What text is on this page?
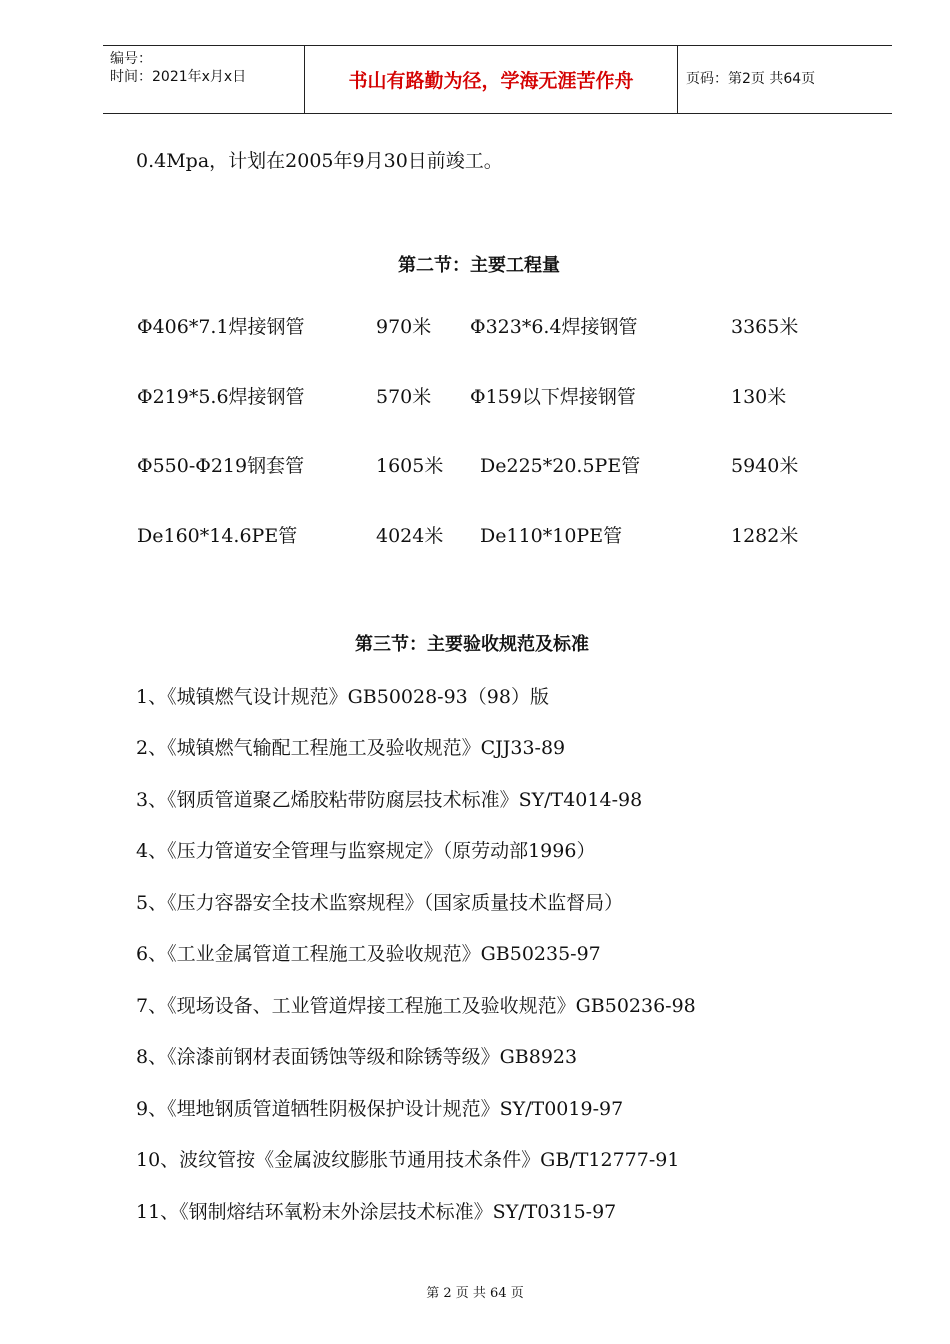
编号：
时间：2021年x月x日	书山有路勤为径，学海无涯苦作舟	页码：第2页 共64页
0.4Mpa，计划在2005年9月30日前竣工。
第二节：主要工程量
Φ406*7.1焊接钢管	970米 Φ323*6.4焊接钢管	3365米
Φ219*5.6焊接钢管	570米 Φ159以下焊接钢管	130米
Φ550-Φ219钢套管	1605米 De225*20.5PE管	5940米
De160*14.6PE管	4024米 De110*10PE管	1282米
第三节：主要验收规范及标准
1、《城镇燃气设计规范》GB50028-93（98）版
2、《城镇燃气输配工程施工及验收规范》CJJ33-89
3、《钢质管道聚乙烯胶粘带防腐层技术标准》SY/T4014-98
4、《压力管道安全管理与监察规定》（原劳动部1996）
5、《压力容器安全技术监察规程》（国家质量技术监督局）
6、《工业金属管道工程施工及验收规范》GB50235-97
7、《现场设备、工业管道焊接工程施工及验收规范》GB50236-98
8、《涂漆前钢材表面锈蚀等级和除锈等级》GB8923
9、《埋地钢质管道牺牲阴极保护设计规范》SY/T0019-97
10、波纹管按《金属波纹膨胀节通用技术条件》GB/T12777-91
11、《钢制熔结环氧粉末外涂层技术标准》SY/T0315-97
第 2 页 共 64 页
